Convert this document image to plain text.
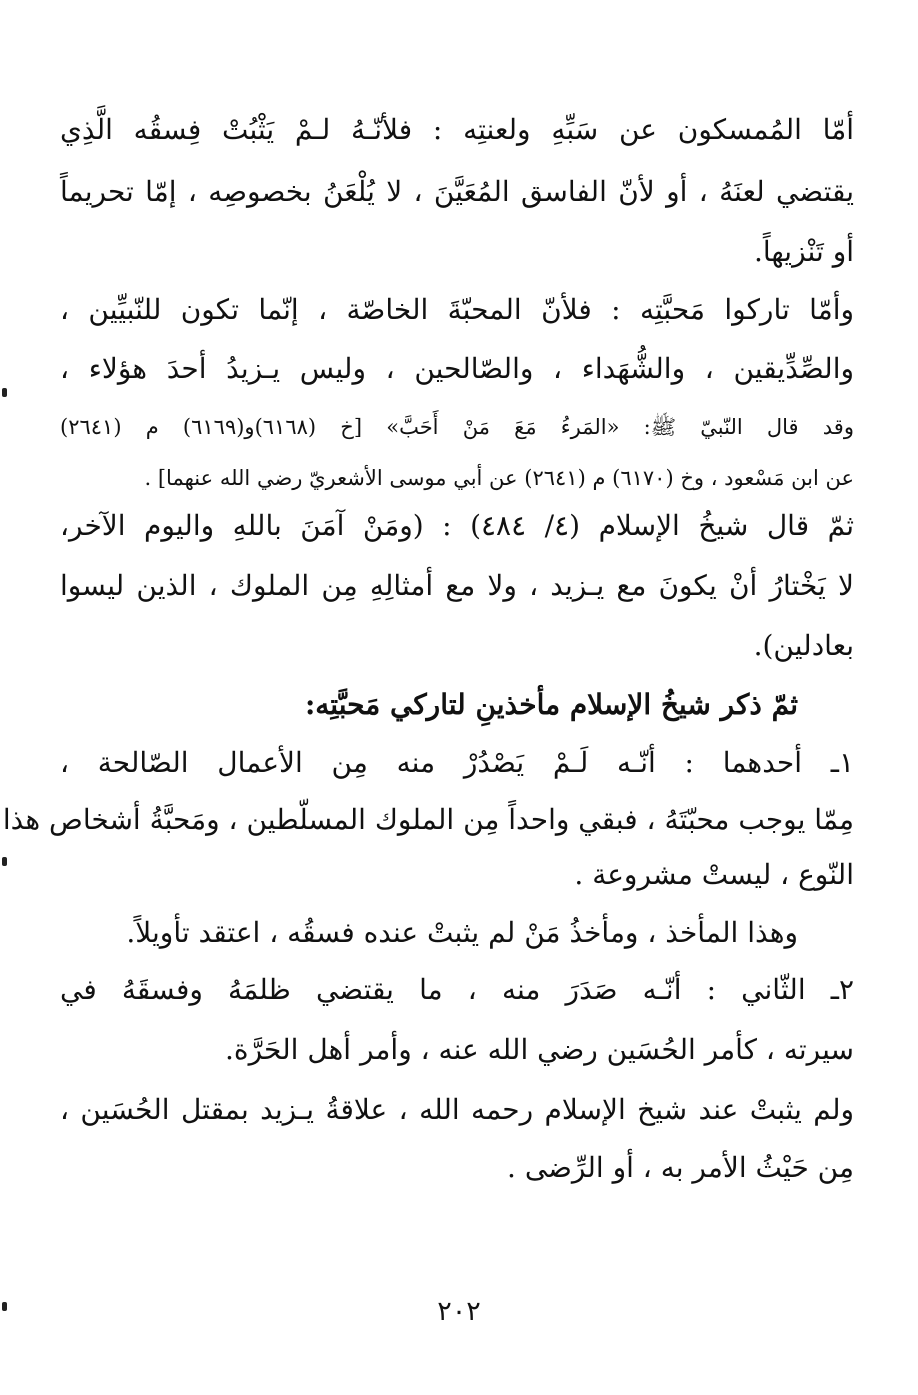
أمّا المُمسكون عن سَبِّهِ ولعنتِه : فلأنّـهُ لـمْ يَثْبُتْ فِسقُه الَّذِي
يقتضي لعنَهُ ، أو لأنّ الفاسق المُعَيَّنَ ، لا يُلْعَنُ بخصوصِه ، إمّا تحريماً
أو تَنْزيهاً.
وأمّا تاركوا مَحبَّتِه : فلأنّ المحبّةَ الخاصّة ، إنّما تكون للنّبيِّين ،
والصِّدِّيقين ، والشُّهَداء ، والصّالحين ، وليس يـزيدُ أحدَ هؤلاء ،
وقد قال النّبيّ ﷺ: «المَرءُ مَعَ مَنْ أَحَبَّ» [خ (٦١٦٨)و(٦١٦٩) م (٢٦٤١)
عن ابن مَسْعود ، وخ (٦١٧٠) م (٢٦٤١) عن أبي موسى الأشعريّ رضي الله عنهما] .
ثمّ قال شيخُ الإسلام (٤/ ٤٨٤) : (ومَنْ آمَنَ باللهِ واليوم الآخر،
لا يَخْتارُ أنْ يكونَ مع يـزيد ، ولا مع أمثالِهِ مِن الملوك ، الذين ليسوا
بعادلين).
ثمّ ذكر شيخُ الإسلام مأخذينِ لتاركي مَحبَّتِه:
١ـ أحدهما : أنّـه لَـمْ يَصْدُرْ منه مِن الأعمال الصّالحة ،
مِمّا يوجب محبّتَهُ ، فبقي واحداً مِن الملوك المسلّطين ، ومَحبَّةُ أشخاص هذا
النّوع ، ليستْ مشروعة .
وهذا المأخذ ، ومأخذُ مَنْ لم يثبتْ عنده فسقُه ، اعتقد تأويلاً.
٢ـ الثّاني : أنّـه صَدَرَ منه ، ما يقتضي ظلمَهُ وفسقَهُ في
سيرته ، كأمر الحُسَين رضي الله عنه ، وأمر أهل الحَرَّة.
ولم يثبتْ عند شيخ الإسلام رحمه الله ، علاقةُ يـزيد بمقتل الحُسَين ،
مِن حَيْثُ الأمر به ، أو الرِّضى .
٢٠٢
